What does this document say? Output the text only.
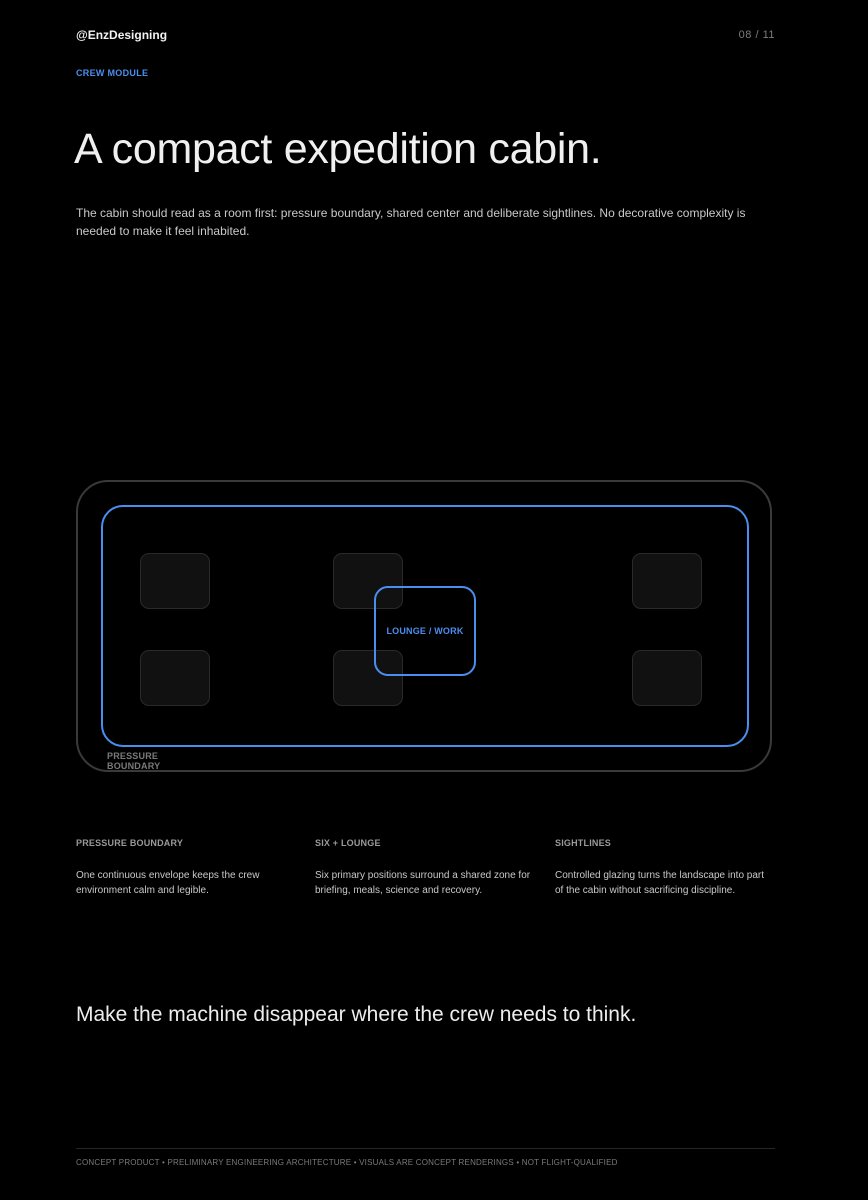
@EnzDesigning	08 / 11
CREW MODULE
A compact expedition cabin.

The cabin should read as a room first: pressure boundary, shared center and deliberate sightlines. No decorative complexity is needed to make it feel inhabited.

LOUNGE / WORK
PRESSURE BOUNDARY

PRESSURE BOUNDARY

One continuous envelope keeps the crew environment calm and legible.

SIX + LOUNGE

Six primary positions surround a shared zone for briefing, meals, science and recovery.

SIGHTLINES

Controlled glazing turns the landscape into part of the cabin without sacrificing discipline.

Make the machine disappear where the crew needs to think.

CONCEPT PRODUCT • PRELIMINARY ENGINEERING ARCHITECTURE • VISUALS ARE CONCEPT RENDERINGS • NOT FLIGHT-QUALIFIED
